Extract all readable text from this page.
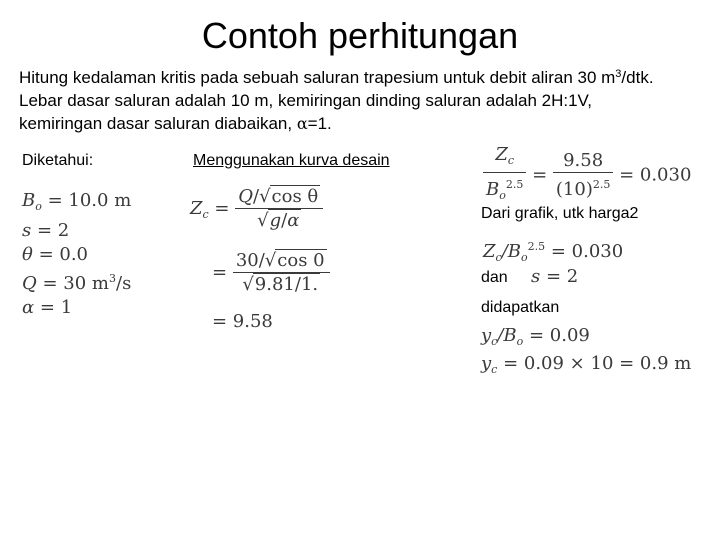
Contoh perhitungan
Hitung kedalaman kritis pada sebuah saluran trapesium untuk debit aliran 30 $m^3$/dtk.
Lebar dasar saluran adalah 10 m, kemiringan dinding saluran adalah 2H:1V,
kemiringan dasar saluran diabaikan, α=1.
Diketahui:
$B_o = 10.0$ m
s = 2
θ = 0.0
Q = 30 $m^3/s$
α = 1
Menggunakan kurva desain
$Z_c = \frac{\text{Q/√cos θ}}{√g/\alpha}$
= $\frac{30/√\cos 0}{√9.81/1.}$
= 9.58
$\frac{Z_c}{B_o^{2.5}} = \frac{9.58}{(10)^{2.5}} = 0.030$
Dari grafik, utk harga2
$Z_c/B_o^{2.5} = 0.030$
dan s = 2
didapatkan
$y_c/B_o = 0.09$
$y_c = 0.09 \times 10 = 0.9$ m
